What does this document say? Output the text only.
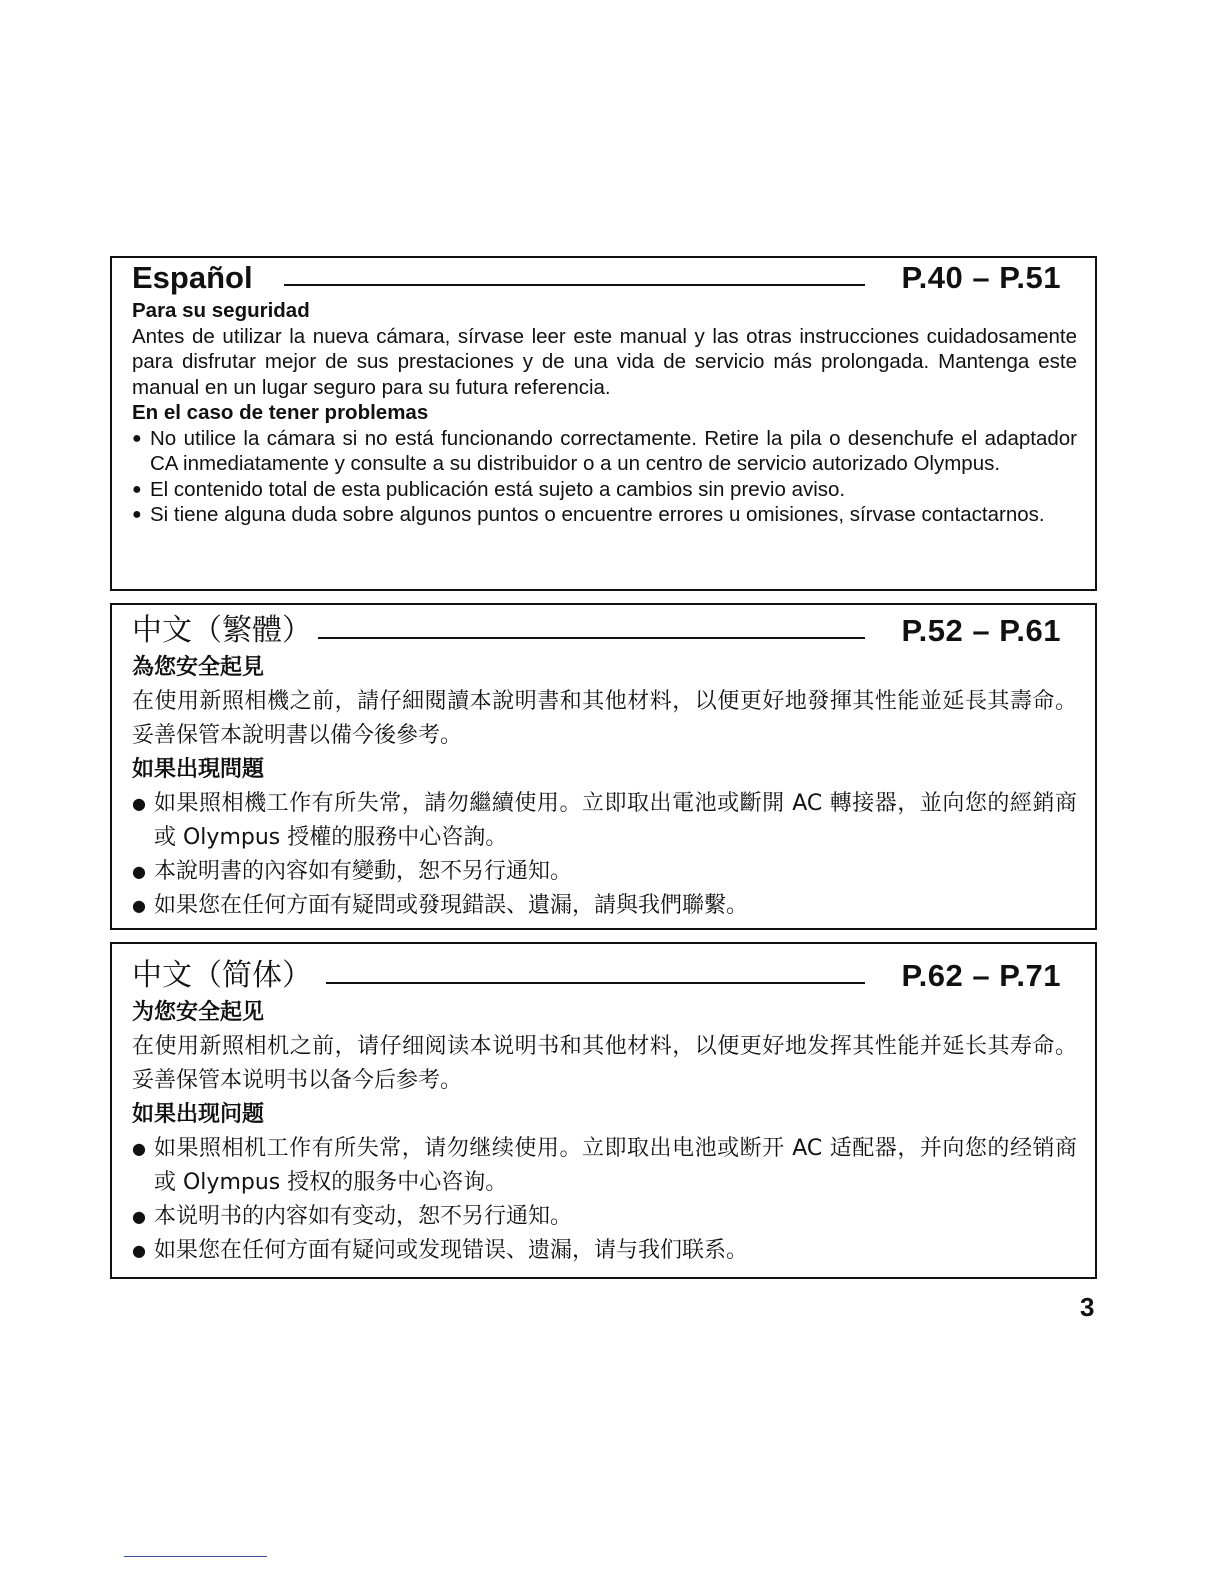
Español	P.40 – P.51

Para su seguridad

Antes de utilizar la nueva cámara, sírvase leer este manual y las otras instrucciones cuidadosamente para disfrutar mejor de sus prestaciones y de una vida de servicio más prolongada. Mantenga este manual en un lugar seguro para su futura referencia.

En el caso de tener problemas

● No utilice la cámara si no está funcionando correctamente. Retire la pila o desenchufe el adaptador CA inmediatamente y consulte a su distribuidor o a un centro de servicio autorizado Olympus.
● El contenido total de esta publicación está sujeto a cambios sin previo aviso.
● Si tiene alguna duda sobre algunos puntos o encuentre errores u omisiones, sírvase contactarnos.
中文（繁體）	P.52 – P.61

為您安全起見

在使用新照相機之前，請仔細閱讀本說明書和其他材料，以便更好地發揮其性能並延長其壽命。妥善保管本說明書以備今後參考。

如果出現問題

● 如果照相機工作有所失常，請勿繼續使用。立即取出電池或斷開 AC 轉接器，並向您的經銷商或 Olympus 授權的服務中心咨詢。
● 本說明書的內容如有變動，恕不另行通知。
● 如果您在任何方面有疑問或發現錯誤、遺漏，請與我們聯繫。
中文（简体）	P.62 – P.71

为您安全起见

在使用新照相机之前，请仔细阅读本说明书和其他材料，以便更好地发挥其性能并延长其寿命。妥善保管本说明书以备今后参考。

如果出现问题

● 如果照相机工作有所失常，请勿继续使用。立即取出电池或断开 AC 适配器，并向您的经销商或 Olympus 授权的服务中心咨询。
● 本说明书的内容如有变动，恕不另行通知。
● 如果您在任何方面有疑问或发现错误、遗漏，请与我们联系。
3
